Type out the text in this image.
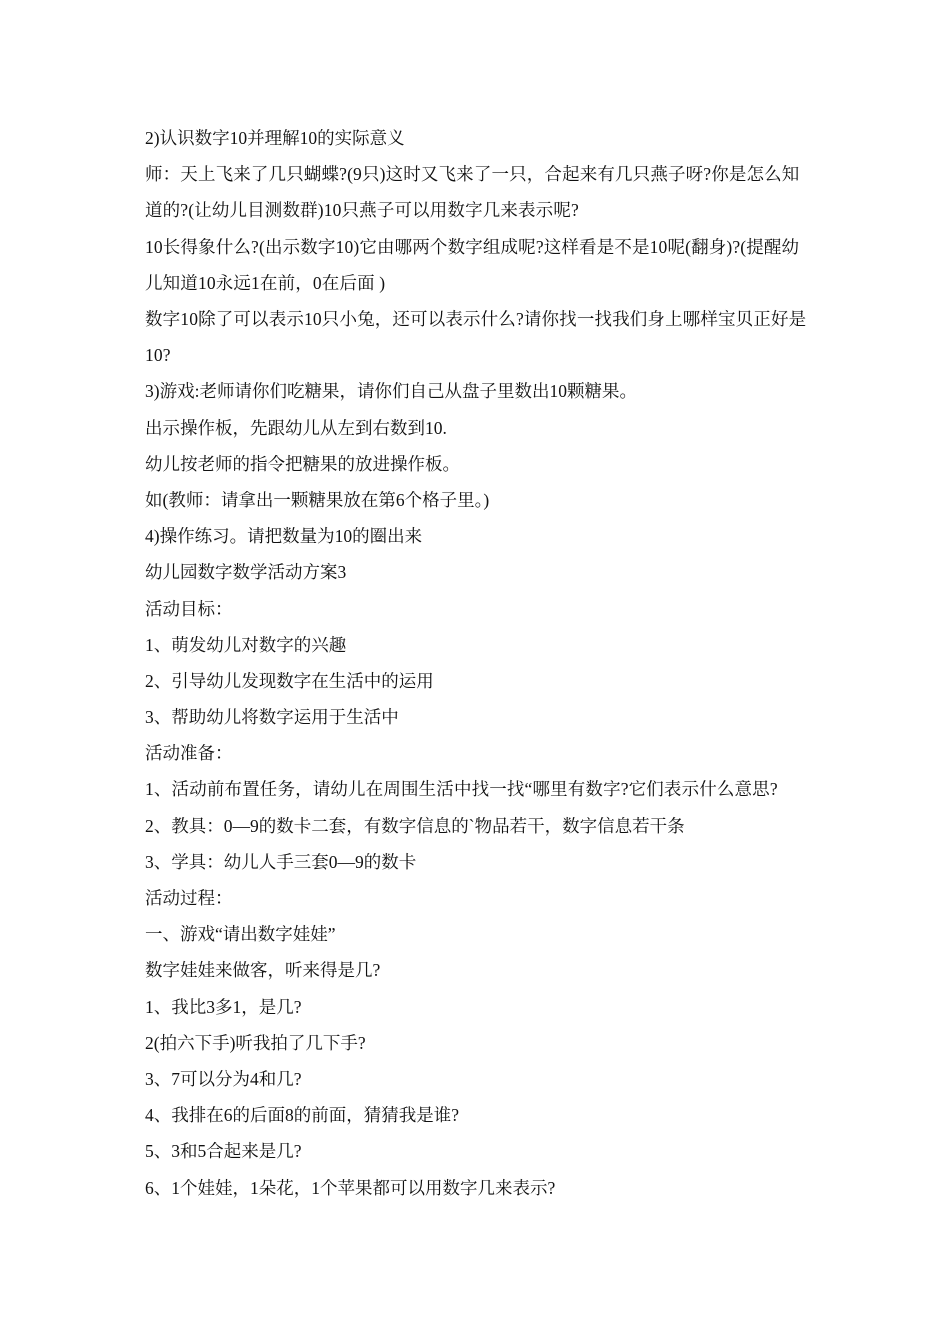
2)认识数字10并理解10的实际意义
师：天上飞来了几只蝴蝶?(9只)这时又飞来了一只，合起来有几只燕子呀?你是怎么知道的?(让幼儿目测数群)10只燕子可以用数字几来表示呢?
10长得象什么?(出示数字10)它由哪两个数字组成呢?这样看是不是10呢(翻身)?(提醒幼儿知道10永远1在前，0在后面 )
数字10除了可以表示10只小兔，还可以表示什么?请你找一找我们身上哪样宝贝正好是10?
3)游戏:老师请你们吃糖果，请你们自己从盘子里数出10颗糖果。
出示操作板，先跟幼儿从左到右数到10.
幼儿按老师的指令把糖果的放进操作板。
如(教师：请拿出一颗糖果放在第6个格子里。)
4)操作练习。请把数量为10的圈出来
幼儿园数字数学活动方案3
活动目标：
1、萌发幼儿对数字的兴趣
2、引导幼儿发现数字在生活中的运用
3、帮助幼儿将数字运用于生活中
活动准备：
1、活动前布置任务，请幼儿在周围生活中找一找“哪里有数字?它们表示什么意思?
2、教具：0—9的数卡二套，有数字信息的`物品若干，数字信息若干条
3、学具：幼儿人手三套0—9的数卡
活动过程：
一、游戏“请出数字娃娃”
数字娃娃来做客，听来得是几?
1、我比3多1，是几?
2(拍六下手)听我拍了几下手?
3、7可以分为4和几?
4、我排在6的后面8的前面，猜猜我是谁?
5、3和5合起来是几?
6、1个娃娃，1朵花，1个苹果都可以用数字几来表示?
